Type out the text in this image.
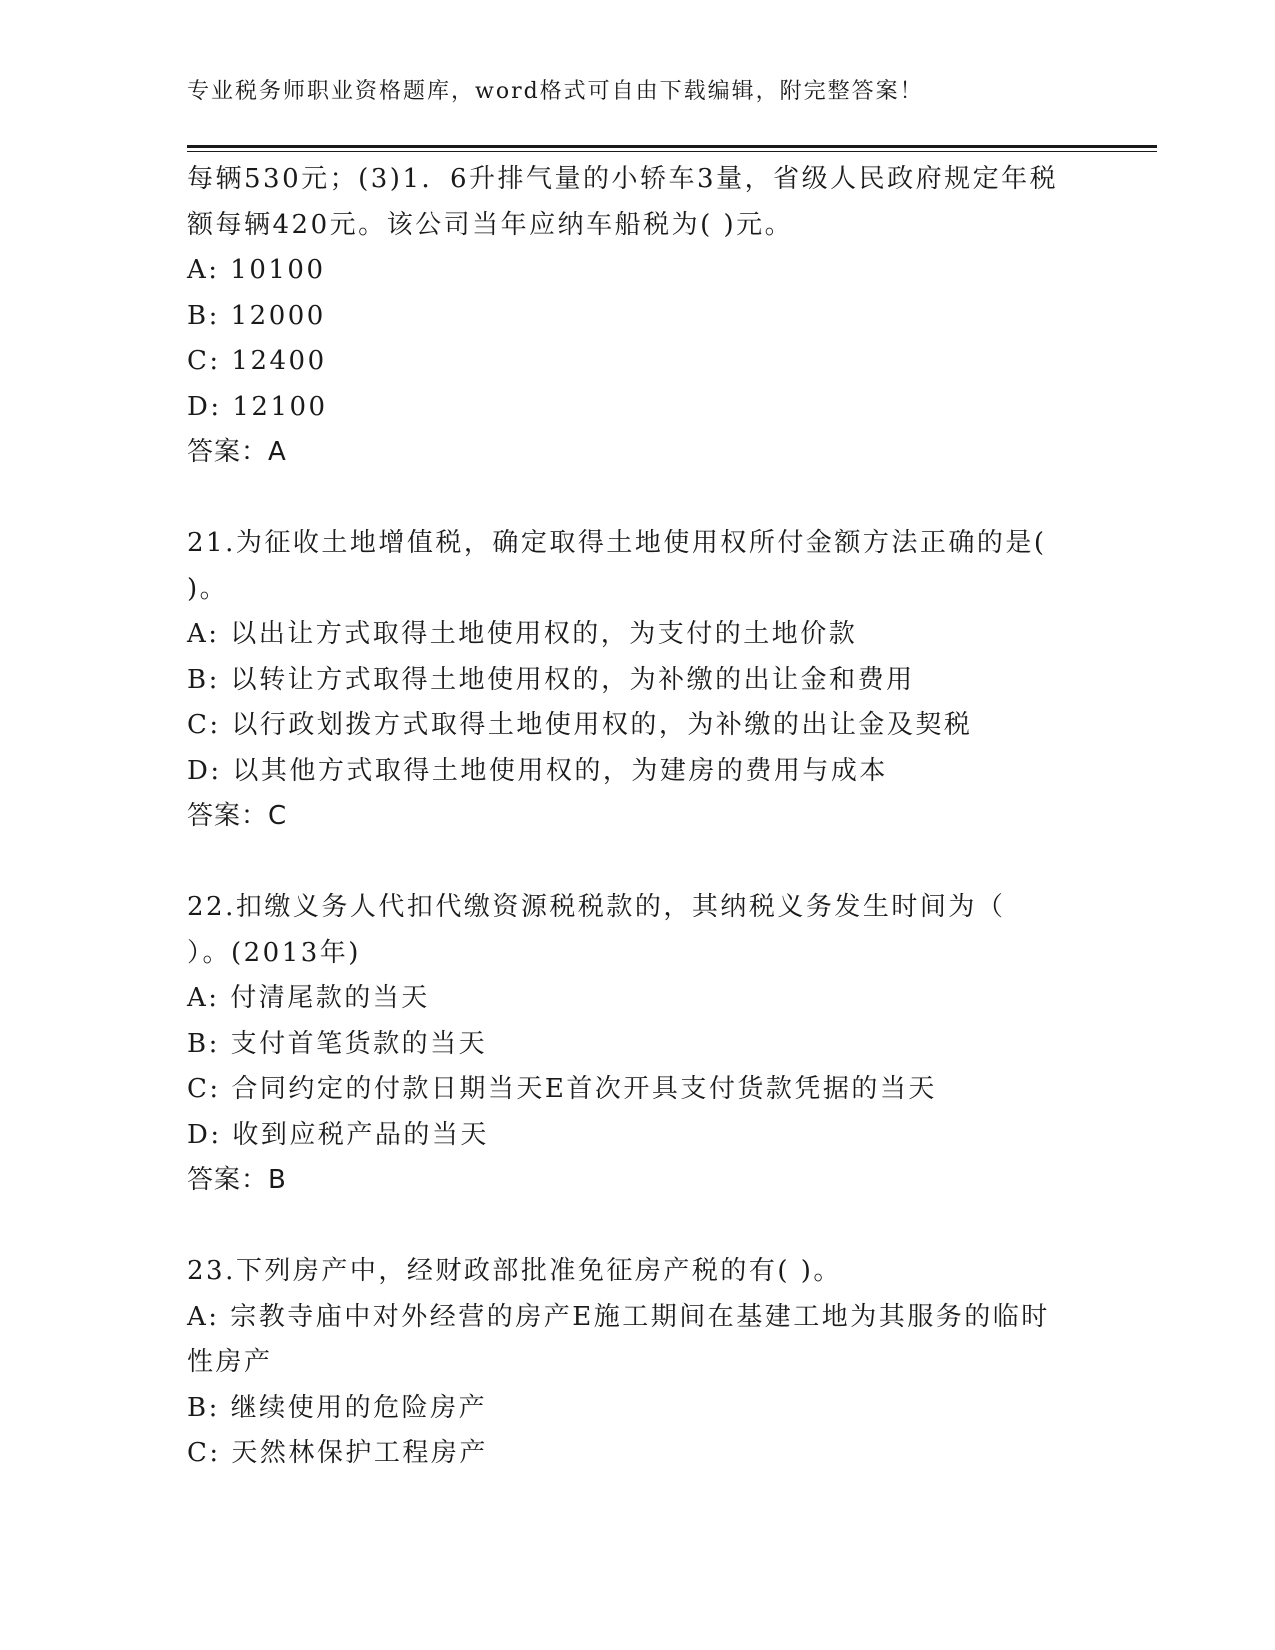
专业税务师职业资格题库，word格式可自由下载编辑，附完整答案！
每辆530元；(3)1．6升排气量的小轿车3量，省级人民政府规定年税
额每辆420元。该公司当年应纳车船税为( )元。
A: 10100
B: 12000
C: 12400
D: 12100
答案：A
21.为征收土地增值税，确定取得土地使用权所付金额方法正确的是(
)。
A: 以出让方式取得土地使用权的，为支付的土地价款
B: 以转让方式取得土地使用权的，为补缴的出让金和费用
C: 以行政划拨方式取得土地使用权的，为补缴的出让金及契税
D: 以其他方式取得土地使用权的，为建房的费用与成本
答案：C
22.扣缴义务人代扣代缴资源税税款的，其纳税义务发生时间为（
）。(2013年)
A: 付清尾款的当天
B: 支付首笔货款的当天
C: 合同约定的付款日期当天E首次开具支付货款凭据的当天
D: 收到应税产品的当天
答案：B
23.下列房产中，经财政部批准免征房产税的有( )。
A: 宗教寺庙中对外经营的房产E施工期间在基建工地为其服务的临时
性房产
B: 继续使用的危险房产
C: 天然林保护工程房产
